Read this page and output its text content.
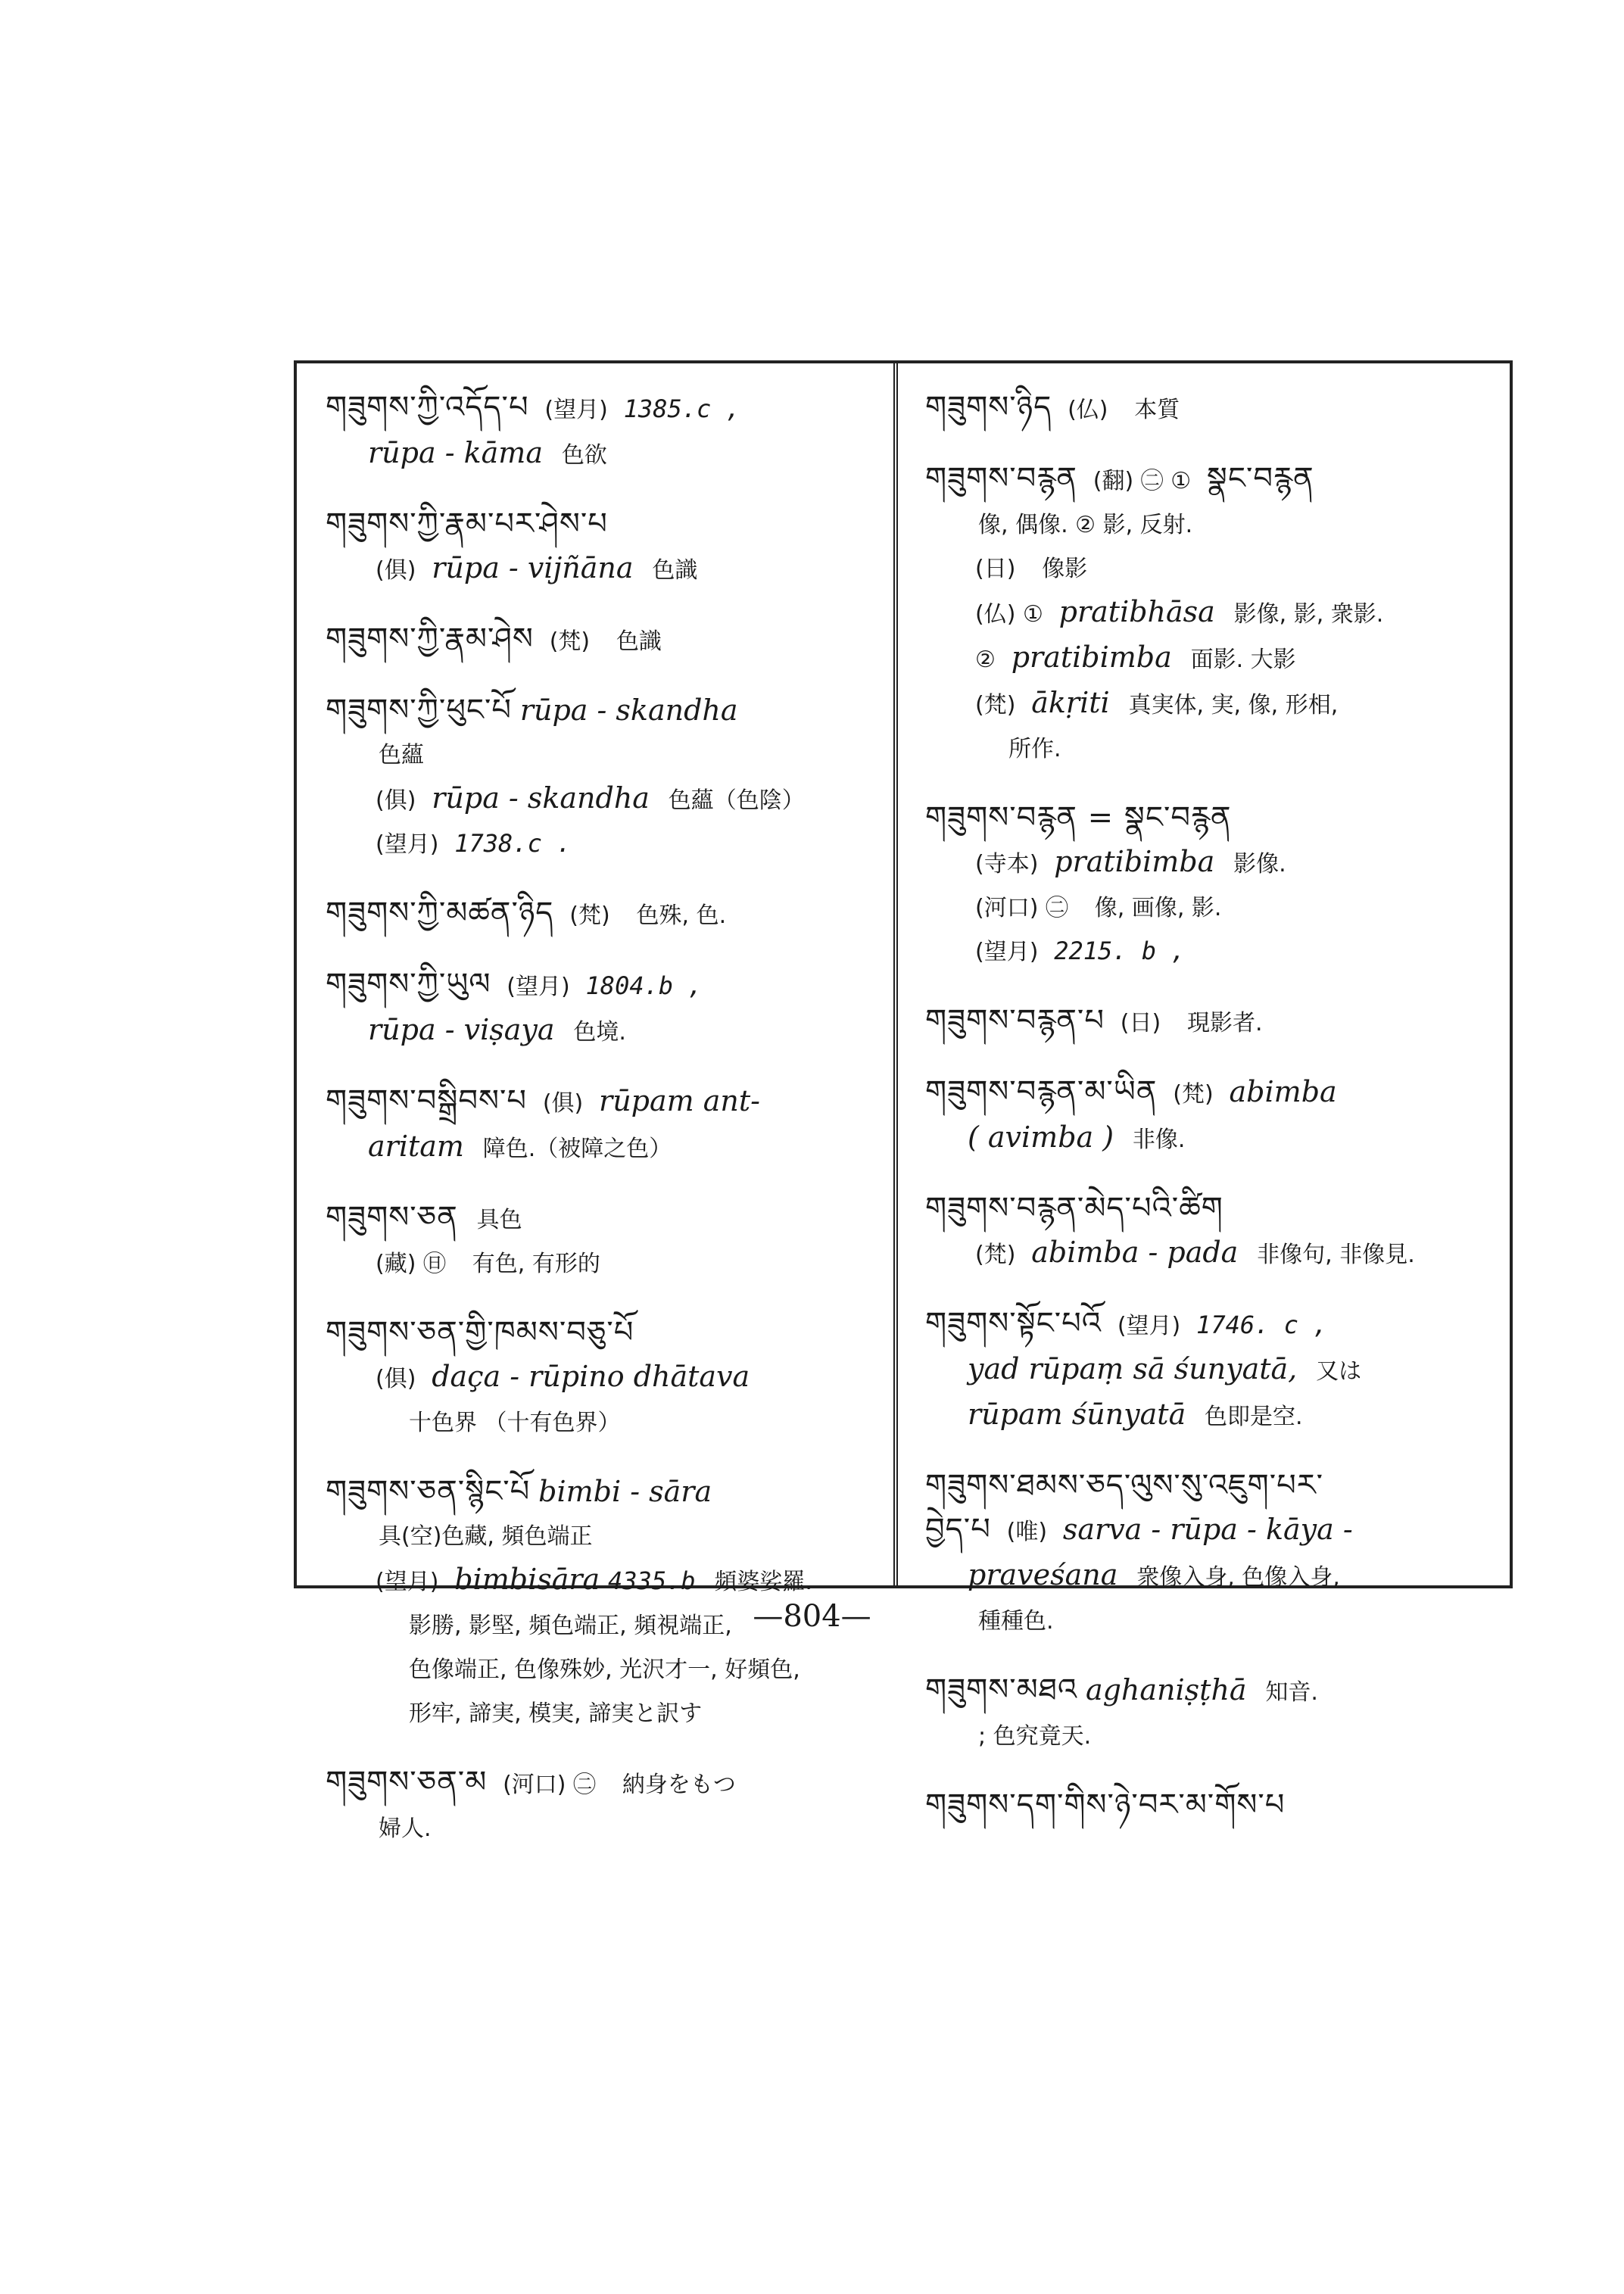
གཟུགས་ཀྱི་འདོད་པ (望月) 1385.c ,
rūpa - kāma 色欲
གཟུགས་ཀྱི་རྣམ་པར་ཤེས་པ
(俱) rūpa - vijñāna 色識
གཟུགས་ཀྱི་རྣམ་ཤེས (梵) 色識
གཟུགས་ཀྱི་ཕུང་པོ rūpa - skandha
色蘊
(俱) rūpa - skandha 色蘊（色陰）
(望月) 1738.c .
གཟུགས་ཀྱི་མཚན་ཉིད (梵) 色殊, 色.
གཟུགས་ཀྱི་ཡུལ (望月) 1804.b ,
rūpa - viṣaya 色境.
གཟུགས་བསྒྲིབས་པ (俱) rūpam ant-
aritam 障色.（被障之色）
གཟུགས་ཅན 具色
(藏) ㊐ 有色, 有形的
གཟུགས་ཅན་གྱི་ཁམས་བཅུ་པོ
(俱) daça - rūpino dhātava
十色界 （十有色界）
གཟུགས་ཅན་སྙིང་པོ bimbi - sāra
具(空)色藏, 頻色端正
(望月) bimbisāra 4335.b 頻婆娑羅.
影勝, 影堅, 頻色端正, 頻視端正,
色像端正, 色像殊妙, 光沢才一, 好頻色,
形牢, 諦実, 模実, 諦実と訳す
གཟུགས་ཅན་མ (河口) ㊁ 納身をもつ
婦人.
གཟུགས་ཉིད (仏) 本質
གཟུགས་བརྙན (翻) ㊁ ① སྣང་བརྙན
像, 偶像. ② 影, 反射.
(日) 像影
(仏) ① pratibhāsa 影像, 影, 衆影.
② pratibimba 面影. 大影
(梵) ākṛiti 真実体, 実, 像, 形相,
所作.
གཟུགས་བརྙན = སྣང་བརྙན
(寺本) pratibimba 影像.
(河口) ㊁ 像, 画像, 影.
(望月) 2215. b ,
གཟུགས་བརྙན་པ (日) 現影者.
གཟུགས་བརྙན་མ་ཡིན (梵) abimba
( avimba ) 非像.
གཟུགས་བརྙན་མེད་པའི་ཚིག
(梵) abimba - pada 非像句, 非像見.
གཟུགས་སྟོང་པའོ (望月) 1746. c ,
yad rūpaṃ sā śunyatā, 又は
rūpam śūnyatā 色即是空.
གཟུགས་ཐམས་ཅད་ལུས་སུ་འཇུག་པར་
བྱེད་པ (唯) sarva - rūpa - kāya -
praveśana 衆像入身, 色像入身,
種種色.
གཟུགས་མཐའ aghaniṣṭhā 知音.
; 色究竟天.
གཟུགས་དག་གིས་ཉེ་བར་མ་གོས་པ
—804—
